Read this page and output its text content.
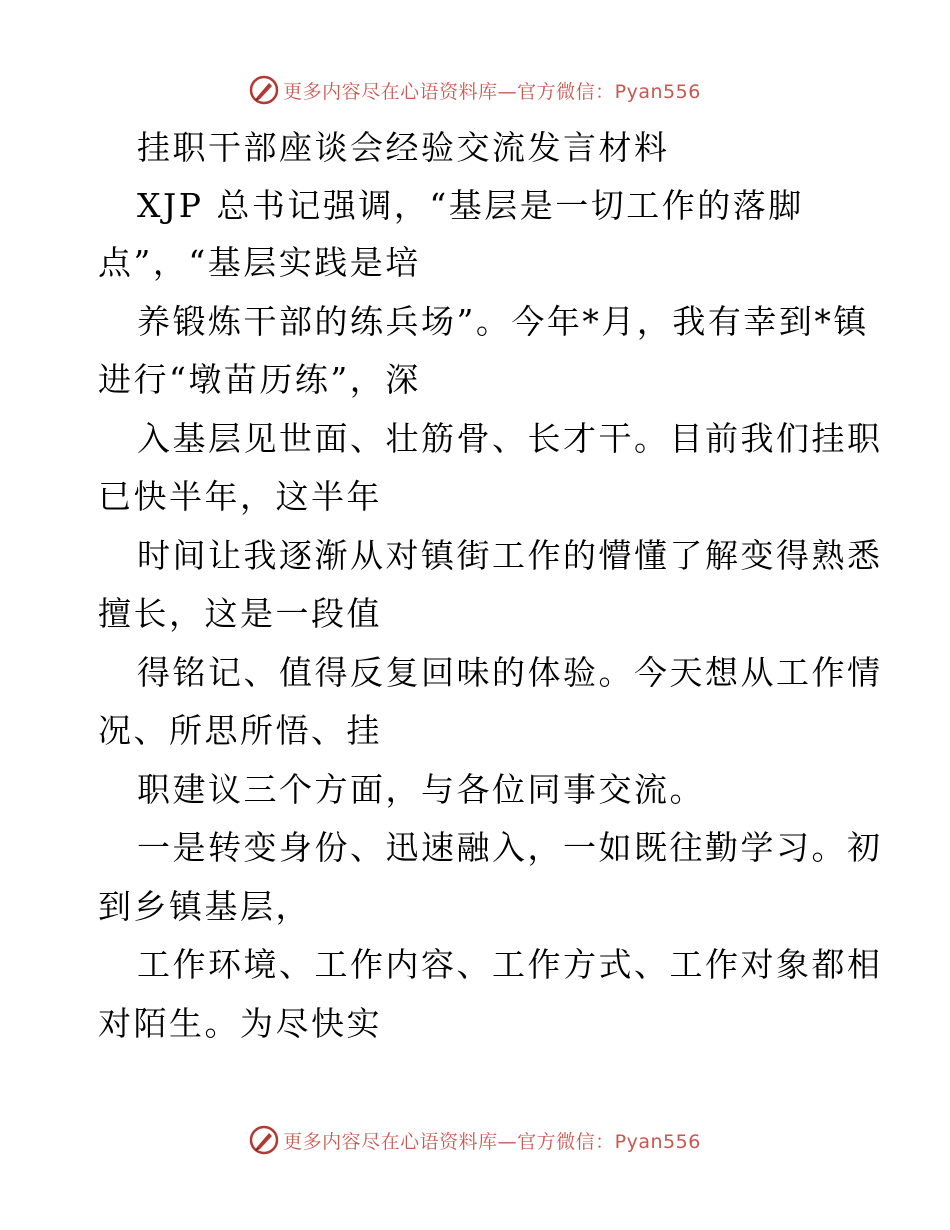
更多内容尽在心语资料库—官方微信：Pyan556
挂职干部座谈会经验交流发言材料
XJP 总书记强调，“基层是一切工作的落脚
点”，“基层实践是培
养锻炼干部的练兵场”。今年*月，我有幸到*镇
进行“墩苗历练”，深
入基层见世面、壮筋骨、长才干。目前我们挂职
已快半年，这半年
时间让我逐渐从对镇街工作的懵懂了解变得熟悉
擅长，这是一段值
得铭记、值得反复回味的体验。今天想从工作情
况、所思所悟、挂
职建议三个方面，与各位同事交流。
一是转变身份、迅速融入，一如既往勤学习。初
到乡镇基层，
工作环境、工作内容、工作方式、工作对象都相
对陌生。为尽快实
更多内容尽在心语资料库—官方微信：Pyan556
